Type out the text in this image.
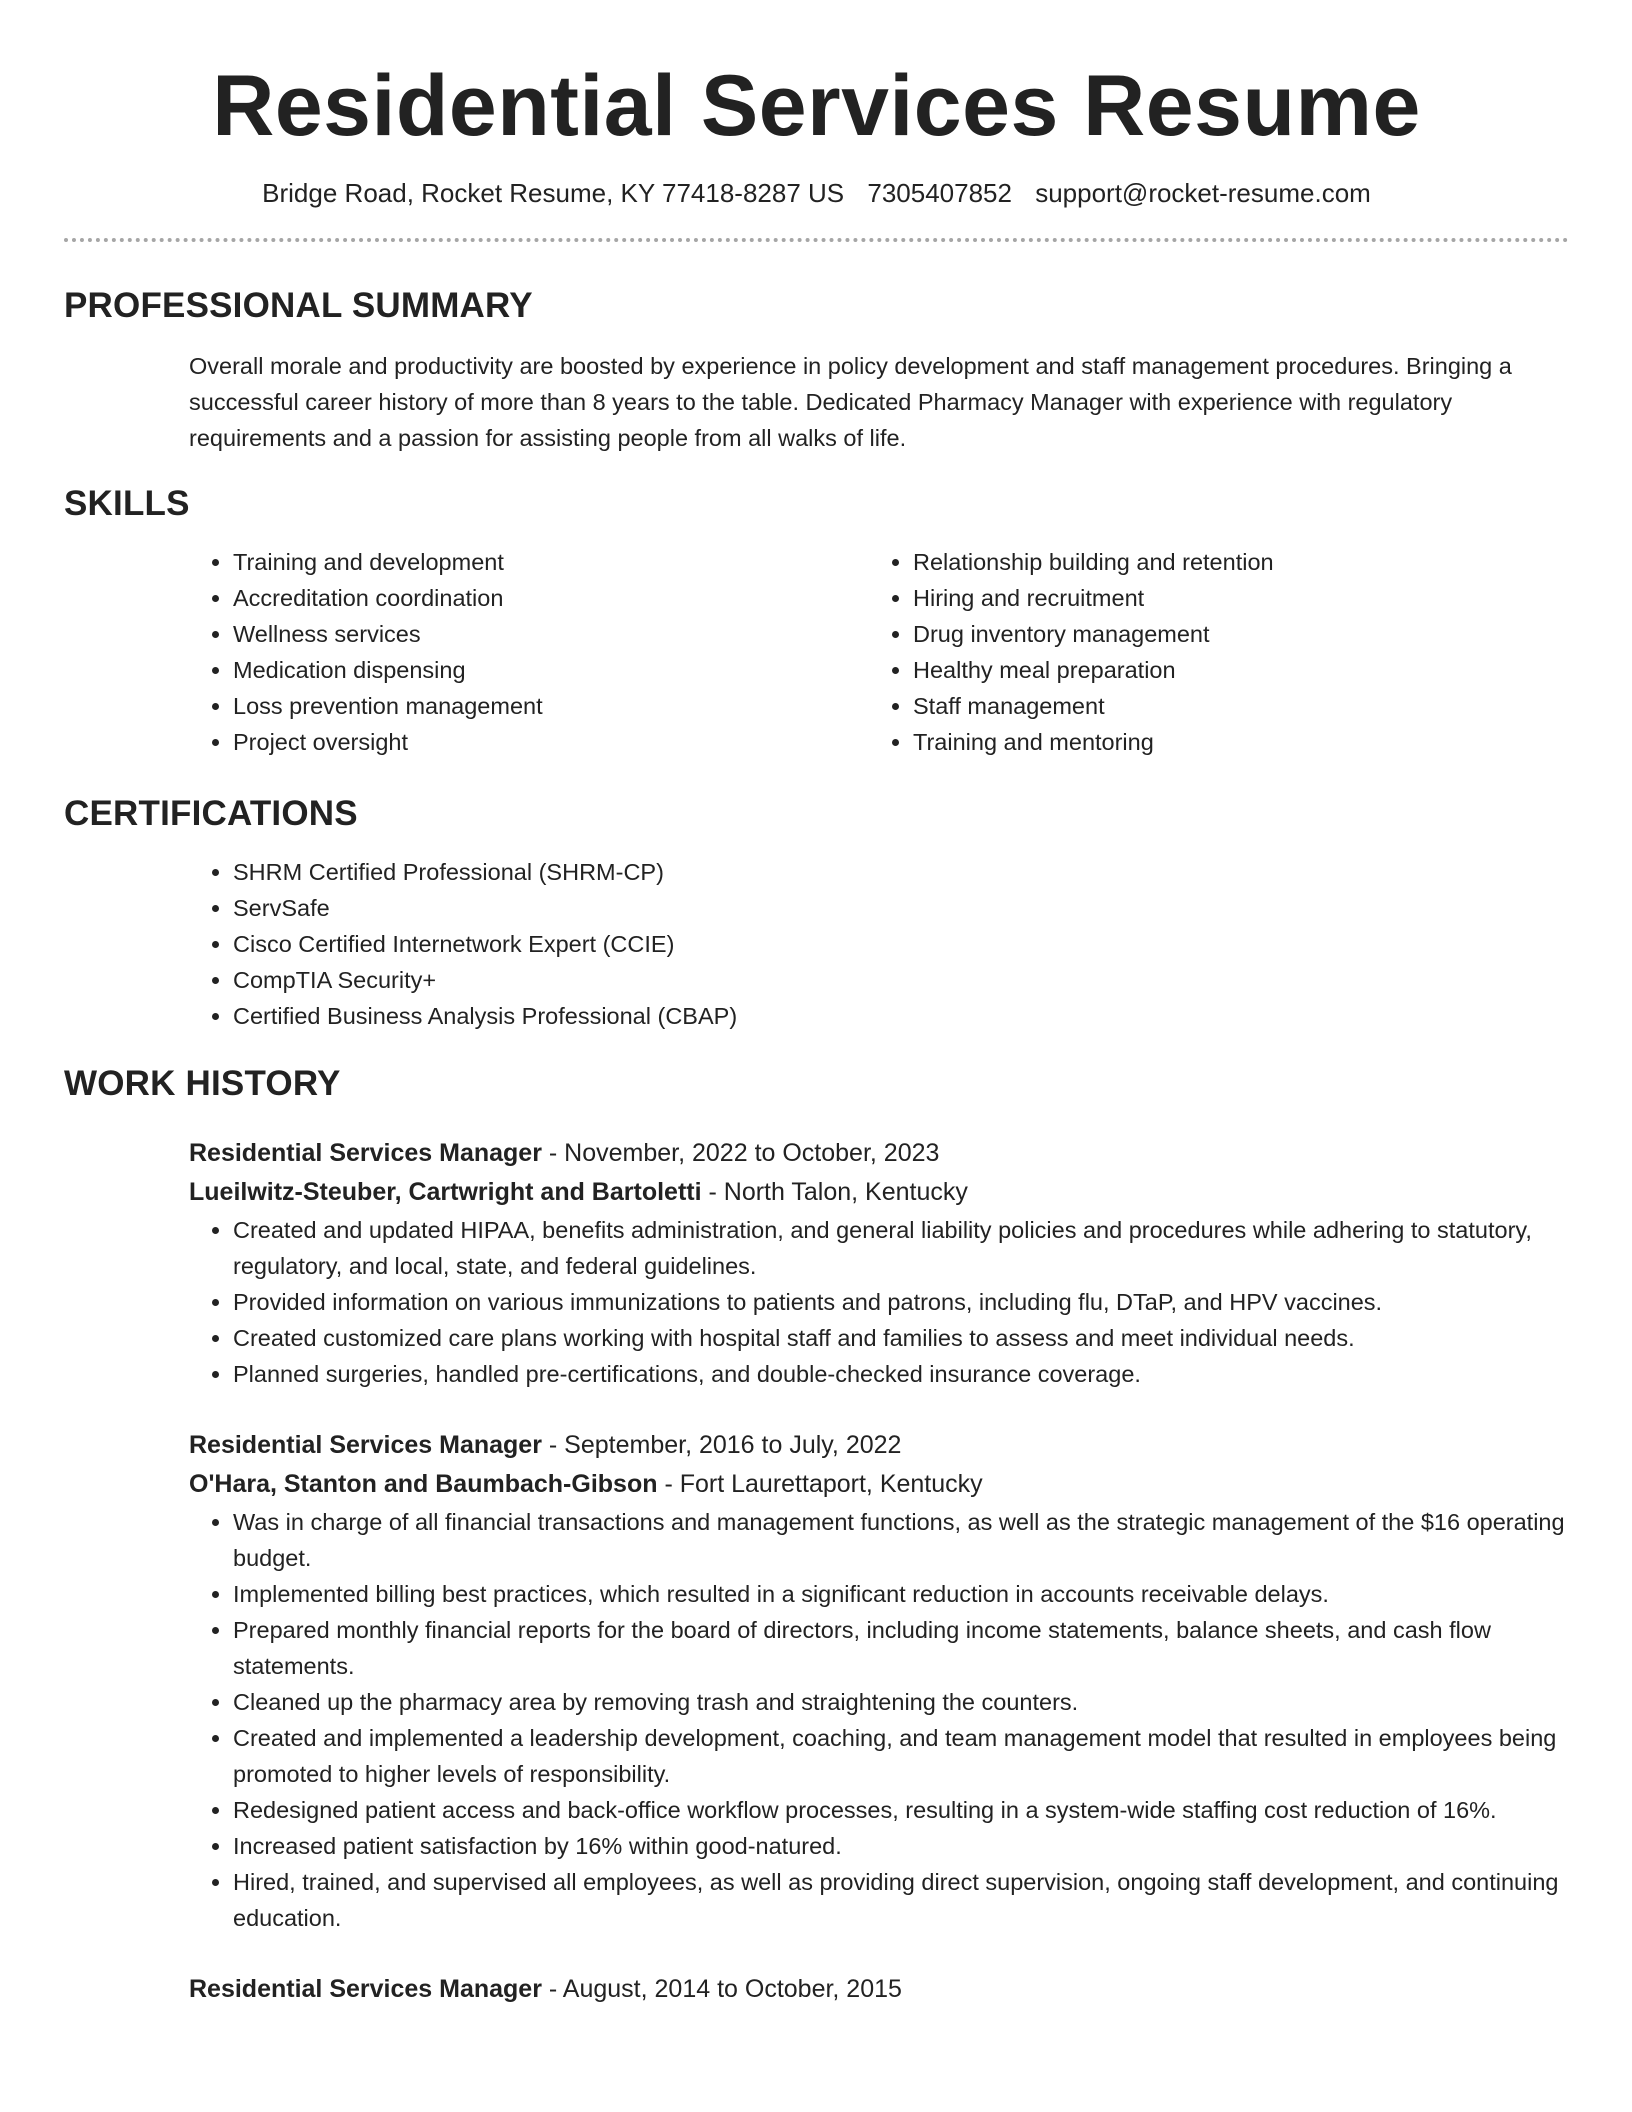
Residential Services Resume
Bridge Road, Rocket Resume, KY 77418-8287 US 7305407852 support@rocket-resume.com
PROFESSIONAL SUMMARY

Overall morale and productivity are boosted by experience in policy development and staff management procedures. Bringing a successful career history of more than 8 years to the table. Dedicated Pharmacy Manager with experience with regulatory requirements and a passion for assisting people from all walks of life.

SKILLS
• Training and development
• Accreditation coordination
• Wellness services
• Medication dispensing
• Loss prevention management
• Project oversight
• Relationship building and retention
• Hiring and recruitment
• Drug inventory management
• Healthy meal preparation
• Staff management
• Training and mentoring
CERTIFICATIONS
• SHRM Certified Professional (SHRM-CP)
• ServSafe
• Cisco Certified Internetwork Expert (CCIE)
• CompTIA Security+
• Certified Business Analysis Professional (CBAP)
WORK HISTORY
Residential Services Manager - November, 2022 to October, 2023
Lueilwitz-Steuber, Cartwright and Bartoletti - North Talon, Kentucky
• Created and updated HIPAA, benefits administration, and general liability policies and procedures while adhering to statutory, regulatory, and local, state, and federal guidelines.
• Provided information on various immunizations to patients and patrons, including flu, DTaP, and HPV vaccines.
• Created customized care plans working with hospital staff and families to assess and meet individual needs.
• Planned surgeries, handled pre-certifications, and double-checked insurance coverage.
Residential Services Manager - September, 2016 to July, 2022
O'Hara, Stanton and Baumbach-Gibson - Fort Laurettaport, Kentucky
• Was in charge of all financial transactions and management functions, as well as the strategic management of the $16 operating budget.
• Implemented billing best practices, which resulted in a significant reduction in accounts receivable delays.
• Prepared monthly financial reports for the board of directors, including income statements, balance sheets, and cash flow statements.
• Cleaned up the pharmacy area by removing trash and straightening the counters.
• Created and implemented a leadership development, coaching, and team management model that resulted in employees being promoted to higher levels of responsibility.
• Redesigned patient access and back-office workflow processes, resulting in a system-wide staffing cost reduction of 16%.
• Increased patient satisfaction by 16% within good-natured.
• Hired, trained, and supervised all employees, as well as providing direct supervision, ongoing staff development, and continuing education.
Residential Services Manager - August, 2014 to October, 2015
